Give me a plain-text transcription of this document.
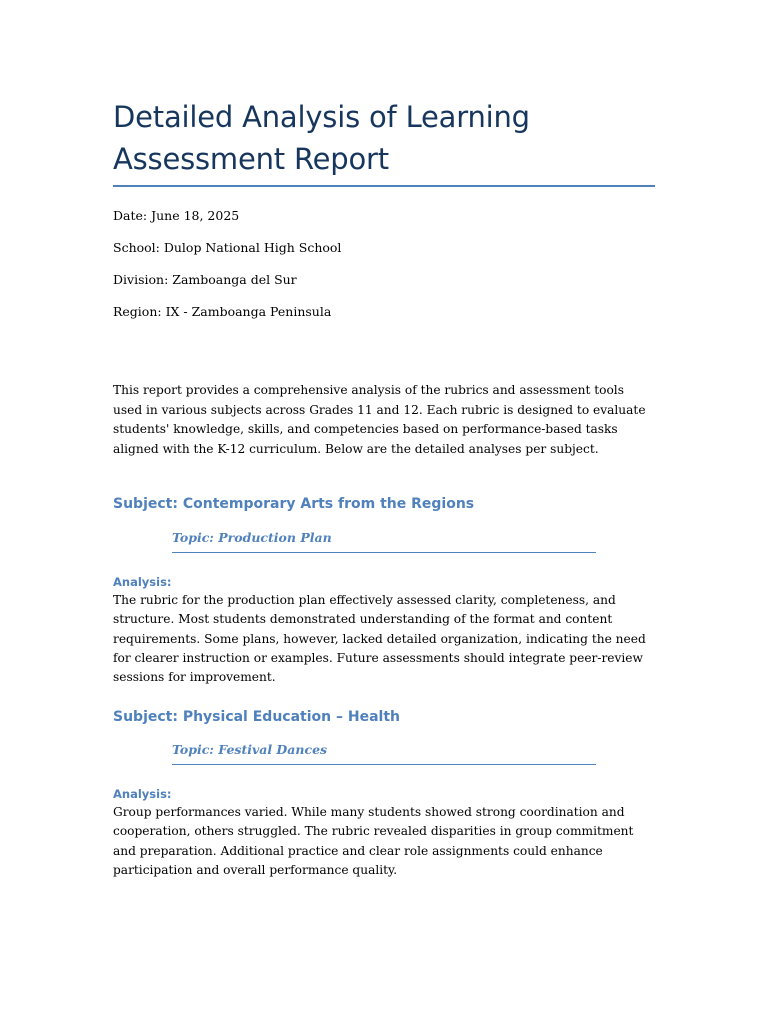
Detailed Analysis of Learning Assessment Report

Date: June 18, 2025

School: Dulop National High School

Division: Zamboanga del Sur

Region: IX - Zamboanga Peninsula

This report provides a comprehensive analysis of the rubrics and assessment tools used in various subjects across Grades 11 and 12. Each rubric is designed to evaluate students' knowledge, skills, and competencies based on performance-based tasks aligned with the K-12 curriculum. Below are the detailed analyses per subject.

Subject: Contemporary Arts from the Regions

Topic: Production Plan

Analysis:

The rubric for the production plan effectively assessed clarity, completeness, and structure. Most students demonstrated understanding of the format and content requirements. Some plans, however, lacked detailed organization, indicating the need for clearer instruction or examples. Future assessments should integrate peer-review sessions for improvement.

Subject: Physical Education – Health

Topic: Festival Dances

Analysis:

Group performances varied. While many students showed strong coordination and cooperation, others struggled. The rubric revealed disparities in group commitment and preparation. Additional practice and clear role assignments could enhance participation and overall performance quality.
